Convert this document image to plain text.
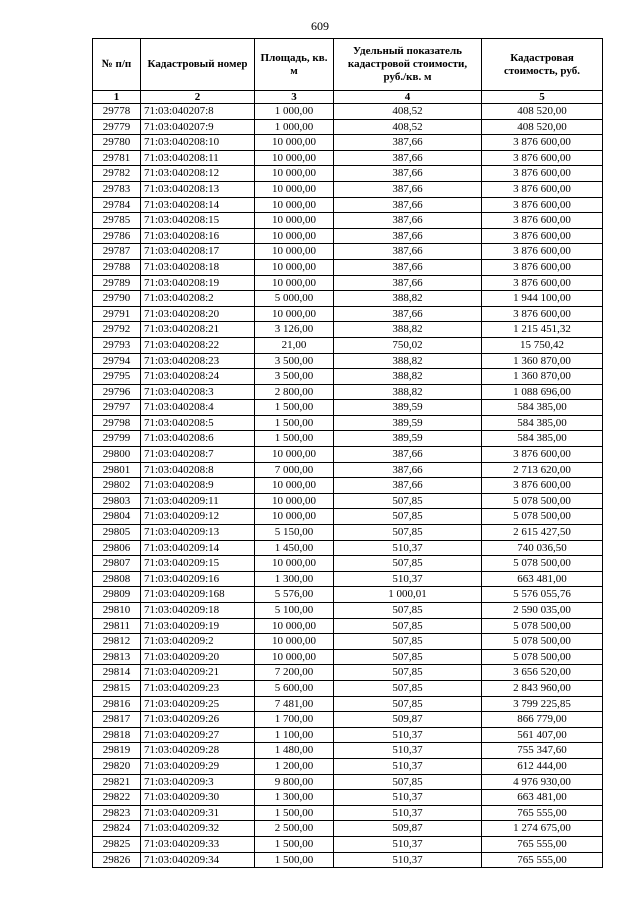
609
№ п/п	Кадастровый номер	Площадь, кв. м	Удельный показатель кадастровой стоимости, руб./кв. м	Кадастровая стоимость, руб.
1	2	3	4	5
29778	71:03:040207:8	1 000,00	408,52	408 520,00
29779	71:03:040207:9	1 000,00	408,52	408 520,00
29780	71:03:040208:10	10 000,00	387,66	3 876 600,00
29781	71:03:040208:11	10 000,00	387,66	3 876 600,00
29782	71:03:040208:12	10 000,00	387,66	3 876 600,00
29783	71:03:040208:13	10 000,00	387,66	3 876 600,00
29784	71:03:040208:14	10 000,00	387,66	3 876 600,00
29785	71:03:040208:15	10 000,00	387,66	3 876 600,00
29786	71:03:040208:16	10 000,00	387,66	3 876 600,00
29787	71:03:040208:17	10 000,00	387,66	3 876 600,00
29788	71:03:040208:18	10 000,00	387,66	3 876 600,00
29789	71:03:040208:19	10 000,00	387,66	3 876 600,00
29790	71:03:040208:2	5 000,00	388,82	1 944 100,00
29791	71:03:040208:20	10 000,00	387,66	3 876 600,00
29792	71:03:040208:21	3 126,00	388,82	1 215 451,32
29793	71:03:040208:22	21,00	750,02	15 750,42
29794	71:03:040208:23	3 500,00	388,82	1 360 870,00
29795	71:03:040208:24	3 500,00	388,82	1 360 870,00
29796	71:03:040208:3	2 800,00	388,82	1 088 696,00
29797	71:03:040208:4	1 500,00	389,59	584 385,00
29798	71:03:040208:5	1 500,00	389,59	584 385,00
29799	71:03:040208:6	1 500,00	389,59	584 385,00
29800	71:03:040208:7	10 000,00	387,66	3 876 600,00
29801	71:03:040208:8	7 000,00	387,66	2 713 620,00
29802	71:03:040208:9	10 000,00	387,66	3 876 600,00
29803	71:03:040209:11	10 000,00	507,85	5 078 500,00
29804	71:03:040209:12	10 000,00	507,85	5 078 500,00
29805	71:03:040209:13	5 150,00	507,85	2 615 427,50
29806	71:03:040209:14	1 450,00	510,37	740 036,50
29807	71:03:040209:15	10 000,00	507,85	5 078 500,00
29808	71:03:040209:16	1 300,00	510,37	663 481,00
29809	71:03:040209:168	5 576,00	1 000,01	5 576 055,76
29810	71:03:040209:18	5 100,00	507,85	2 590 035,00
29811	71:03:040209:19	10 000,00	507,85	5 078 500,00
29812	71:03:040209:2	10 000,00	507,85	5 078 500,00
29813	71:03:040209:20	10 000,00	507,85	5 078 500,00
29814	71:03:040209:21	7 200,00	507,85	3 656 520,00
29815	71:03:040209:23	5 600,00	507,85	2 843 960,00
29816	71:03:040209:25	7 481,00	507,85	3 799 225,85
29817	71:03:040209:26	1 700,00	509,87	866 779,00
29818	71:03:040209:27	1 100,00	510,37	561 407,00
29819	71:03:040209:28	1 480,00	510,37	755 347,60
29820	71:03:040209:29	1 200,00	510,37	612 444,00
29821	71:03:040209:3	9 800,00	507,85	4 976 930,00
29822	71:03:040209:30	1 300,00	510,37	663 481,00
29823	71:03:040209:31	1 500,00	510,37	765 555,00
29824	71:03:040209:32	2 500,00	509,87	1 274 675,00
29825	71:03:040209:33	1 500,00	510,37	765 555,00
29826	71:03:040209:34	1 500,00	510,37	765 555,00
